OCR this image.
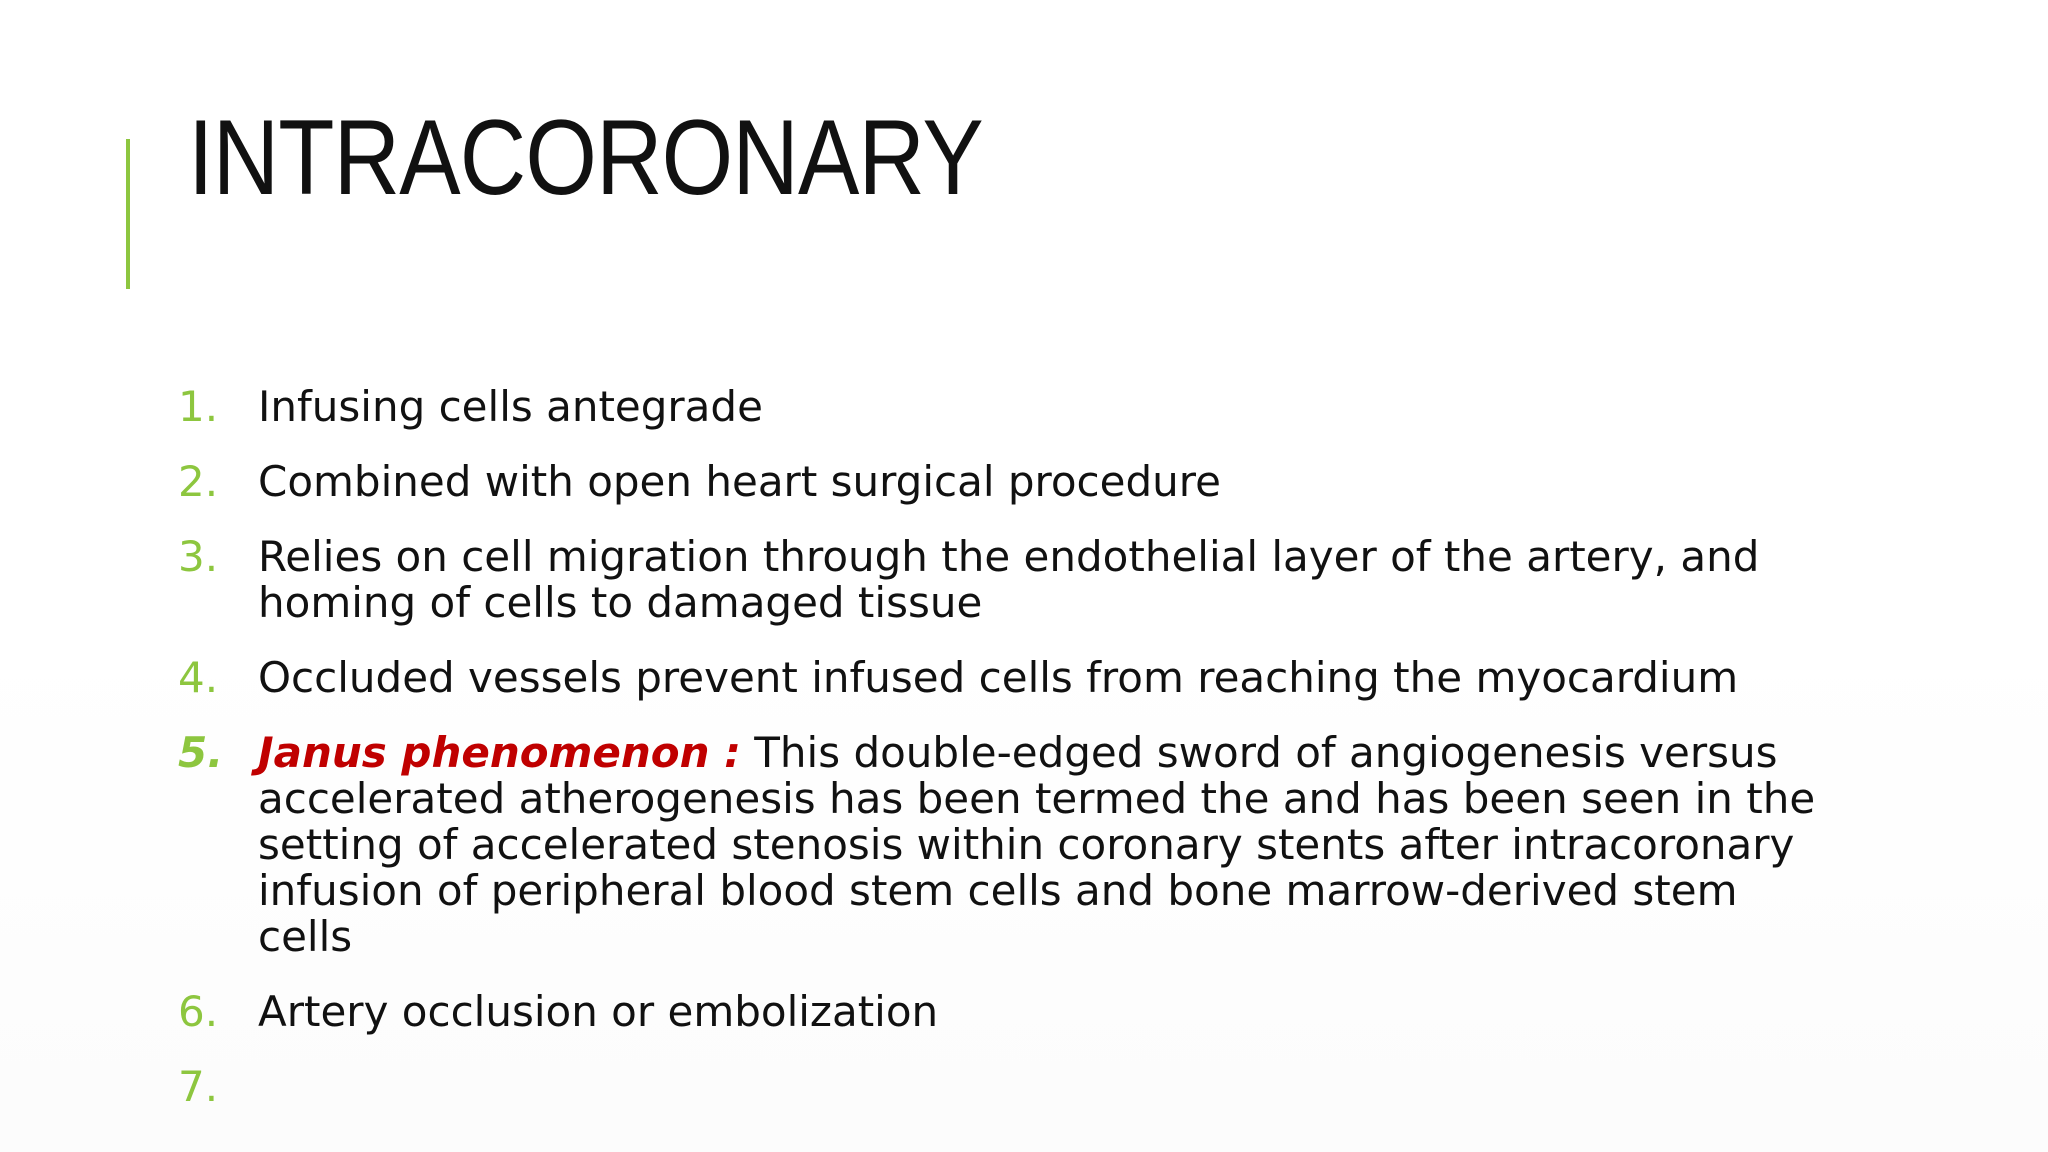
INTRACORONARY
1. Infusing cells antegrade
2. Combined with open heart surgical procedure
3. Relies on cell migration through the endothelial layer of the artery, and homing of cells to damaged tissue
4. Occluded vessels prevent infused cells from reaching the myocardium
5. Janus phenomenon : This double-edged sword of angiogenesis versus accelerated atherogenesis has been termed the and has been seen in the setting of accelerated stenosis within coronary stents after intracoronary infusion of peripheral blood stem cells and bone marrow-derived stem cells
6. Artery occlusion or embolization
7.
